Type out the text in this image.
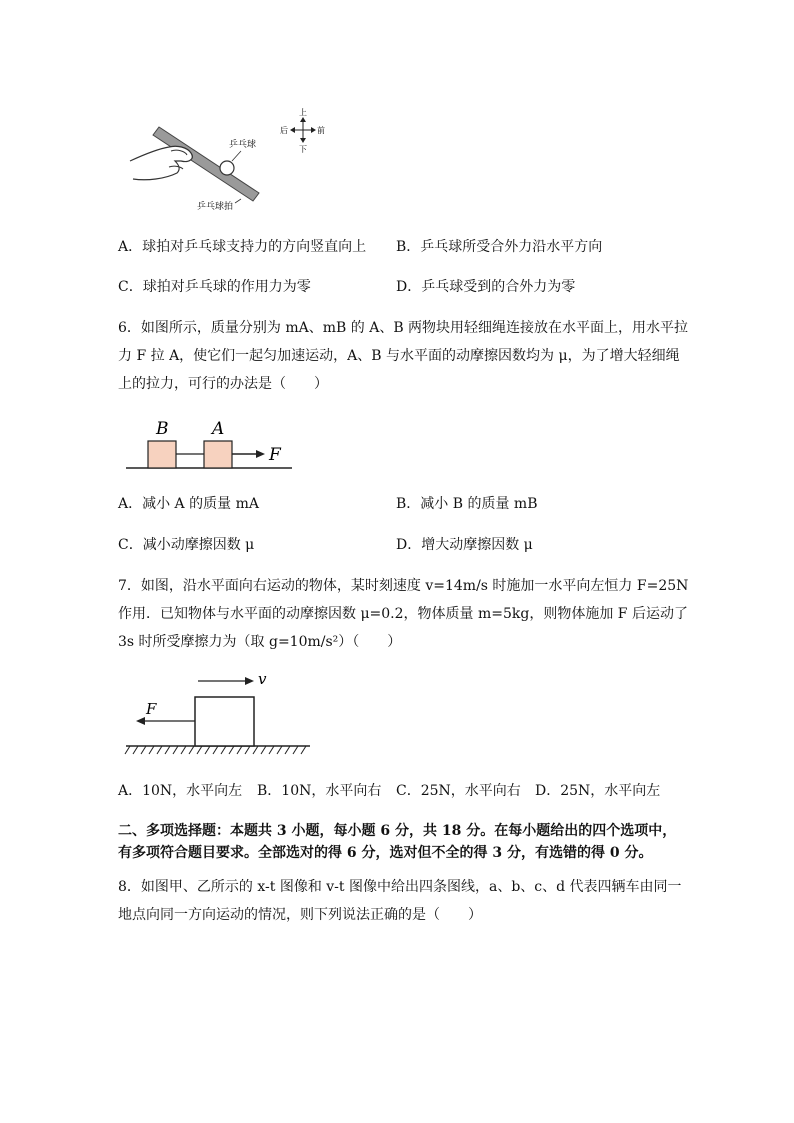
乒乓球
乒乓球拍
上
下
后	前
A．球拍对乒乓球支持力的方向竖直向上 B．乒乓球所受合外力沿水平方向
C．球拍对乒乓球的作用力为零	D．乒乓球受到的合外力为零
6．如图所示，质量分别为 mA、mB 的 A、B 两物块用轻细绳连接放在水平面上，用水平拉
力 F 拉 A，使它们一起匀加速运动，A、B 与水平面的动摩擦因数均为 μ，为了增大轻细绳
上的拉力，可行的办法是（　　）
B	A
F
A．减小 A 的质量 mA	B．减小 B 的质量 mB
C．减小动摩擦因数 μ	D．增大动摩擦因数 μ
7．如图，沿水平面向右运动的物体，某时刻速度 v=14m/s 时施加一水平向左恒力 F=25N
作用．已知物体与水平面的动摩擦因数 μ=0.2，物体质量 m=5kg，则物体施加 F 后运动了
3s 时所受摩擦力为（取 g=10m/s²）（　　）
v
F
A．10N，水平向左 B．10N，水平向右 C．25N，水平向右 D．25N，水平向左
二、多项选择题：本题共 3 小题，每小题 6 分，共 18 分。在每小题给出的四个选项中，
有多项符合题目要求。全部选对的得 6 分，选对但不全的得 3 分，有选错的得 0 分。
8．如图甲、乙所示的 x-t 图像和 v-t 图像中给出四条图线，a、b、c、d 代表四辆车由同一
地点向同一方向运动的情况，则下列说法正确的是（　　）
